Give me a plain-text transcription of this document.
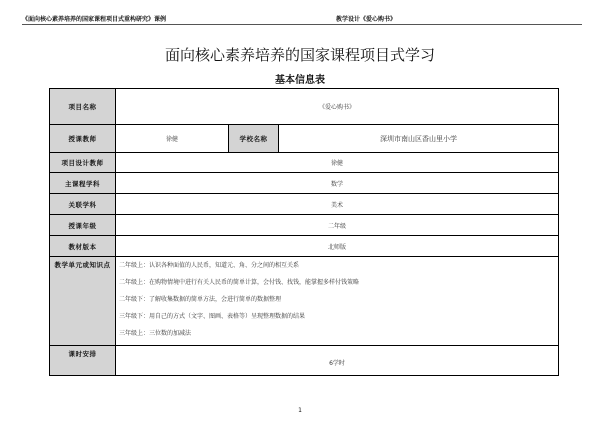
《面向核心素养培养的国家课程项目式重构研究》课例	教学设计《爱心购书》
面向核心素养培养的国家课程项目式学习
基本信息表
项目名称	《爱心购书》		
授课教师	徐健	学校名称	深圳市南山区香山里小学
项目设计教师	徐健		
主课程学科	数学		
关联学科	美术		
授课年级	二年级		
教材版本	北师版		
教学单元或知识点	二年级上：认识各种面值的人民币，知道元、角、分之间的相互关系
二年级上：在购物情境中进行有关人民币的简单计算，会付钱、找钱，能掌握多样付钱策略
二年级下：了解收集数据的简单方法，会进行简单的数据整理
三年级下：用自己的方式（文字、图画、表格等）呈现整理数据的结果
三年级上：三位数的加减法		

课时安排	6学时		
1
